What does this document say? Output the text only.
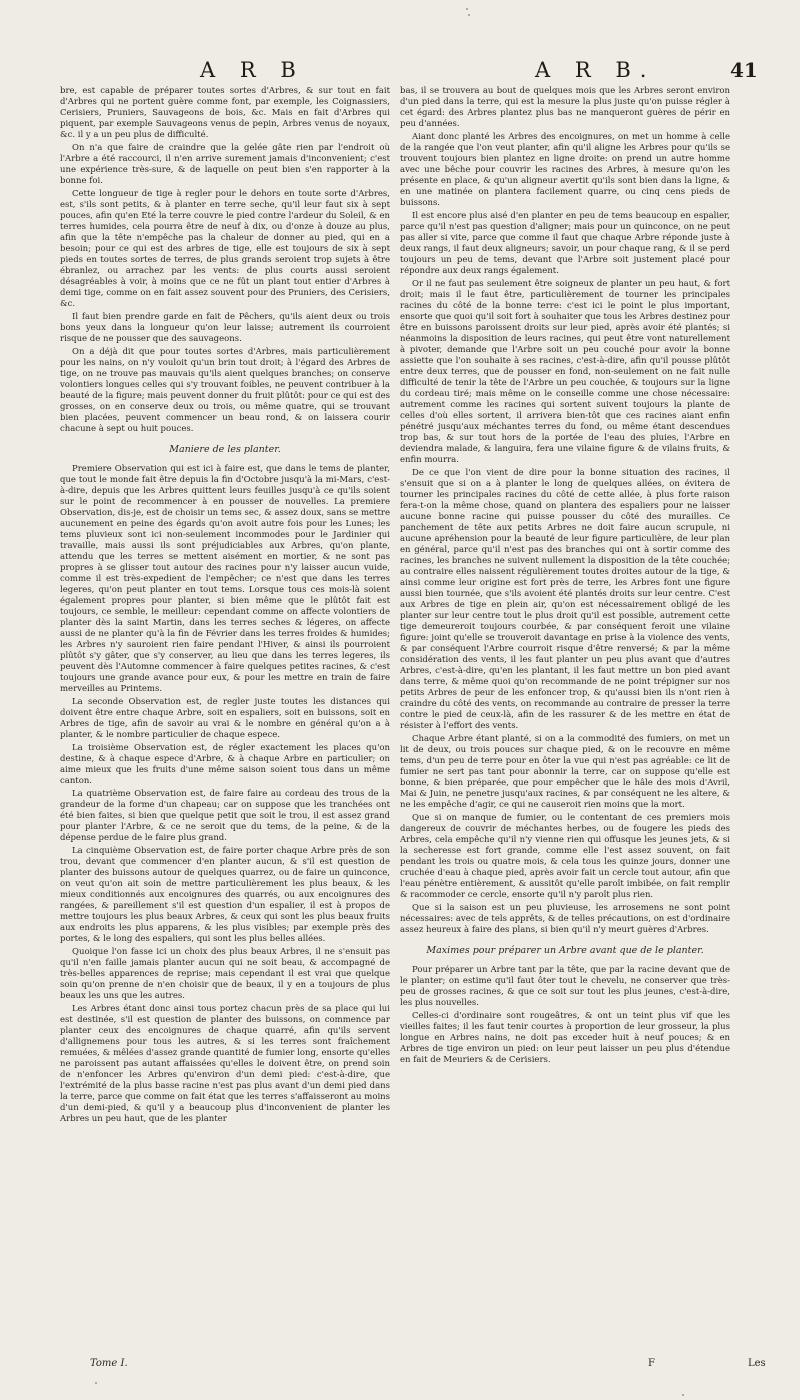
A R B	A R B.	41

bre, est capable de préparer toutes sortes d'Arbres, & sur tout en fait d'Arbres qui ne portent guère comme font, par exemple, les Coignassiers, Cerisiers, Pruniers, Sauvageons de bois, &c. Mais en fait d'Arbres qui piquent, par exemple Sauvageons venus de pepin, Arbres venus de noyaux, &c. il y a un peu plus de difficulté.

On n'a que faire de craindre que la gelée gâte rien par l'endroit où l'Arbre a été raccourci, il n'en arrive surement jamais d'inconvenient; c'est une expérience très-sure, & de laquelle on peut bien s'en rapporter à la bonne foi.

Cette longueur de tige à regler pour le dehors en toute sorte d'Arbres, est, s'ils sont petits, & à planter en terre seche, qu'il leur faut six à sept pouces, afin qu'en Eté la terre couvre le pied contre l'ardeur du Soleil, & en terres humides, cela pourra être de neuf à dix, ou d'onze à douze au plus, afin que la tête n'empêche pas la chaleur de donner au pied, qui en a besoin; pour ce qui est des arbres de tige, elle est toujours de six à sept pieds en toutes sortes de terres, de plus grands seroient trop sujets à être ébranlez, ou arrachez par les vents: de plus courts aussi seroient désagréables à voir, à moins que ce ne fût un plant tout entier d'Arbres à demi tige, comme on en fait assez souvent pour des Pruniers, des Cerisiers, &c.

Il faut bien prendre garde en fait de Pêchers, qu'ils aient deux ou trois bons yeux dans la longueur qu'on leur laisse; autrement ils courroient risque de ne pousser que des sauvageons.

On a déjà dit que pour toutes sortes d'Arbres, mais particulièrement pour les nains, on n'y vouloit qu'un brin tout droit; à l'égard des Arbres de tige, on ne trouve pas mauvais qu'ils aient quelques branches; on conserve volontiers longues celles qui s'y trouvant foibles, ne peuvent contribuer à la beauté de la figure; mais peuvent donner du fruit plûtôt: pour ce qui est des grosses, on en conserve deux ou trois, ou même quatre, qui se trouvant bien placées, peuvent commencer un beau rond, & on laissera courir chacune à sept ou huit pouces.

Maniere de les planter.

Premiere Observation qui est ici à faire est, que dans le tems de planter, que tout le monde fait être depuis la fin d'Octobre jusqu'à la mi-Mars, c'est-à-dire, depuis que les Arbres quittent leurs feuilles jusqu'à ce qu'ils soient sur le point de recommencer à en pousser de nouvelles. La premiere Observation, dis-je, est de choisir un tems sec, & assez doux, sans se mettre aucunement en peine des égards qu'on avoit autre fois pour les Lunes; les tems pluvieux sont ici non-seulement incommodes pour le Jardinier qui travaille, mais aussi ils sont préjudiciables aux Arbres, qu'on plante, attendu que les terres se mettent aisément en mortier, & ne sont pas propres à se glisser tout autour des racines pour n'y laisser aucun vuide, comme il est très-expedient de l'empêcher; ce n'est que dans les terres legeres, qu'on peut planter en tout tems. Lorsque tous ces mois-là soient également propres pour planter, si bien même que le plûtôt fait est toujours, ce semble, le meilleur: cependant comme on affecte volontiers de planter dès la saint Martin, dans les terres seches & légeres, on affecte aussi de ne planter qu'à la fin de Février dans les terres froides & humides; les Arbres n'y sauroient rien faire pendant l'Hiver, & ainsi ils pourroient plûtôt s'y gâter, que s'y conserver, au lieu que dans les terres legeres, ils peuvent dès l'Automne commencer à faire quelques petites racines, & c'est toujours une grande avance pour eux, & pour les mettre en train de faire merveilles au Printems.

La seconde Observation est, de regler juste toutes les distances qui doivent être entre chaque Arbre, soit en espaliers, soit en buissons, soit en Arbres de tige, afin de savoir au vrai & le nombre en général qu'on a à planter, & le nombre particulier de chaque espece.

La troisième Observation est, de régler exactement les places qu'on destine, & à chaque espece d'Arbre, & à chaque Arbre en particulier; on aime mieux que les fruits d'une même saison soient tous dans un même canton.

La quatrième Observation est, de faire faire au cordeau des trous de la grandeur de la forme d'un chapeau; car on suppose que les tranchées ont été bien faites, si bien que quelque petit que soit le trou, il est assez grand pour planter l'Arbre, & ce ne seroit que du tems, de la peine, & de la dépense perdue de le faire plus grand.

La cinquième Observation est, de faire porter chaque Arbre près de son trou, devant que commencer d'en planter aucun, & s'il est question de planter des buissons autour de quelques quarrez, ou de faire un quinconce, on veut qu'on ait soin de mettre particulièrement les plus beaux, & les mieux conditionnés aux encoignures des quarrés, ou aux encoignures des rangées, & pareillement s'il est question d'un espalier, il est à propos de mettre toujours les plus beaux Arbres, & ceux qui sont les plus beaux fruits aux endroits les plus apparens, & les plus visibles; par exemple près des portes, & le long des espaliers, qui sont les plus belles allées.

Quoique l'on fasse ici un choix des plus beaux Arbres, il ne s'ensuit pas qu'il n'en faille jamais planter aucun qui ne soit beau, & accompagné de très-belles apparences de reprise; mais cependant il est vrai que quelque soin qu'on prenne de n'en choisir que de beaux, il y en a toujours de plus beaux les uns que les autres.

Les Arbres étant donc ainsi tous portez chacun près de sa place qui lui est destinée, s'il est question de planter des buissons, on commence par planter ceux des encoignures de chaque quarré, afin qu'ils servent d'allignemens pour tous les autres, & si les terres sont fraîchement remuées, & mêlées d'assez grande quantité de fumier long, ensorte qu'elles ne paroissent pas autant affaissées qu'elles le doivent être, on prend soin de n'enfoncer les Arbres qu'environ d'un demi pied: c'est-à-dire, que l'extrémité de la plus basse racine n'est pas plus avant d'un demi pied dans la terre, parce que comme on fait état que les terres s'affaisseront au moins d'un demi-pied, & qu'il y a beaucoup plus d'inconvenient de planter les Arbres un peu haut, que de les planter

bas, il se trouvera au bout de quelques mois que les Arbres seront environ d'un pied dans la terre, qui est la mesure la plus juste qu'on puisse régler à cet égard: des Arbres plantez plus bas ne manqueront guères de périr en peu d'années.

Aiant donc planté les Arbres des encoignures, on met un homme à celle de la rangée que l'on veut planter, afin qu'il aligne les Arbres pour qu'ils se trouvent toujours bien plantez en ligne droite: on prend un autre homme avec une bêche pour couvrir les racines des Arbres, à mesure qu'on les présente en place, & qu'un aligneur avertit qu'ils sont bien dans la ligne, & en une matinée on plantera facilement quarre, ou cinq cens pieds de buissons.

Il est encore plus aisé d'en planter en peu de tems beaucoup en espalier, parce qu'il n'est pas question d'aligner; mais pour un quinconce, on ne peut pas aller si vite, parce que comme il faut que chaque Arbre réponde juste à deux rangs, il faut deux aligneurs; savoir, un pour chaque rang, & il se perd toujours un peu de tems, devant que l'Arbre soit justement placé pour répondre aux deux rangs également.

Or il ne faut pas seulement être soigneux de planter un peu haut, & fort droit; mais il le faut être, particulièrement de tourner les principales racines du côté de la bonne terre: c'est ici le point le plus important, ensorte que quoi qu'il soit fort à souhaiter que tous les Arbres destinez pour être en buissons paroissent droits sur leur pied, après avoir été plantés; si néanmoins la disposition de leurs racines, qui peut être vont naturellement à pivoter, demande que l'Arbre soit un peu couché pour avoir la bonne assiette que l'on souhaite à ses racines, c'est-à-dire, afin qu'il pousse plûtôt entre deux terres, que de pousser en fond, non-seulement on ne fait nulle difficulté de tenir la tête de l'Arbre un peu couchée, & toujours sur la ligne du cordeau tiré; mais même on le conseille comme une chose nécessaire: autrement comme les racines qui sortent suivent toujours la plante de celles d'où elles sortent, il arrivera bien-tôt que ces racines aiant enfin pénétré jusqu'aux méchantes terres du fond, ou même étant descendues trop bas, & sur tout hors de la portée de l'eau des pluies, l'Arbre en deviendra malade, & languira, fera une vilaine figure & de vilains fruits, & enfin mourra.

De ce que l'on vient de dire pour la bonne situation des racines, il s'ensuit que si on a à planter le long de quelques allées, on évitera de tourner les principales racines du côté de cette allée, à plus forte raison fera-t-on la même chose, quand on plantera des espaliers pour ne laisser aucune bonne racine qui puisse pousser du côté des murailles. Ce panchement de tête aux petits Arbres ne doit faire aucun scrupule, ni aucune apréhension pour la beauté de leur figure particulière, de leur plan en général, parce qu'il n'est pas des branches qui ont à sortir comme des racines, les branches ne suivent nullement la disposition de la tête couchée; au contraire elles naissent régulièrement toutes droites autour de la tige, & ainsi comme leur origine est fort près de terre, les Arbres font une figure aussi bien tournée, que s'ils avoient été plantés droits sur leur centre. C'est aux Arbres de tige en plein air, qu'on est nécessairement obligé de les planter sur leur centre tout le plus droit qu'il est possible, autrement cette tige demeureroit toujours courbée, & par conséquent feroit une vilaine figure: joint qu'elle se trouveroit davantage en prise à la violence des vents, & par conséquent l'Arbre courroit risque d'être renversé; & par la même considération des vents, il les faut planter un peu plus avant que d'autres Arbres, c'est-à-dire, qu'en les plantant, il les faut mettre un bon pied avant dans terre, & même quoi qu'on recommande de ne point trépigner sur nos petits Arbres de peur de les enfoncer trop, & qu'aussi bien ils n'ont rien à craindre du côté des vents, on recommande au contraire de presser la terre contre le pied de ceux-là, afin de les rassurer & de les mettre en état de résister à l'effort des vents.

Chaque Arbre étant planté, si on a la commodité des fumiers, on met un lit de deux, ou trois pouces sur chaque pied, & on le recouvre en même tems, d'un peu de terre pour en ôter la vue qui n'est pas agréable: ce lit de fumier ne sert pas tant pour abonnir la terre, car on suppose qu'elle est bonne, & bien préparée, que pour empêcher que le hâle des mois d'Avril, Mai & Juin, ne penetre jusqu'aux racines, & par conséquent ne les altere, & ne les empêche d'agir, ce qui ne causeroit rien moins que la mort.

Que si on manque de fumier, ou le contentant de ces premiers mois dangereux de couvrir de méchantes herbes, ou de fougere les pieds des Arbres, cela empêche qu'il n'y vienne rien qui offusque les jeunes jets, & si la secheresse est fort grande, comme elle l'est assez souvent, on fait pendant les trois ou quatre mois, & cela tous les quinze jours, donner une cruchée d'eau à chaque pied, après avoir fait un cercle tout autour, afin que l'eau pénètre entièrement, & aussitôt qu'elle paroît imbibée, on fait remplir & racommoder ce cercle, ensorte qu'il n'y paroît plus rien.

Que si la saison est un peu pluvieuse, les arrosemens ne sont point nécessaires: avec de tels apprêts, & de telles précautions, on est d'ordinaire assez heureux à faire des plans, si bien qu'il n'y meurt guères d'Arbres.

Maximes pour préparer un Arbre avant que de le planter.

Pour préparer un Arbre tant par la tête, que par la racine devant que de le planter; on estime qu'il faut ôter tout le chevelu, ne conserver que très-peu de grosses racines, & que ce soit sur tout les plus jeunes, c'est-à-dire, les plus nouvelles.

Celles-ci d'ordinaire sont rougeâtres, & ont un teint plus vif que les vieilles faites; il les faut tenir courtes à proportion de leur grosseur, la plus longue en Arbres nains, ne doit pas exceder huit à neuf pouces; & en Arbres de tige environ un pied: on leur peut laisser un peu plus d'étendue en fait de Meuriers & de Cerisiers.

Tome I.	F	Les
